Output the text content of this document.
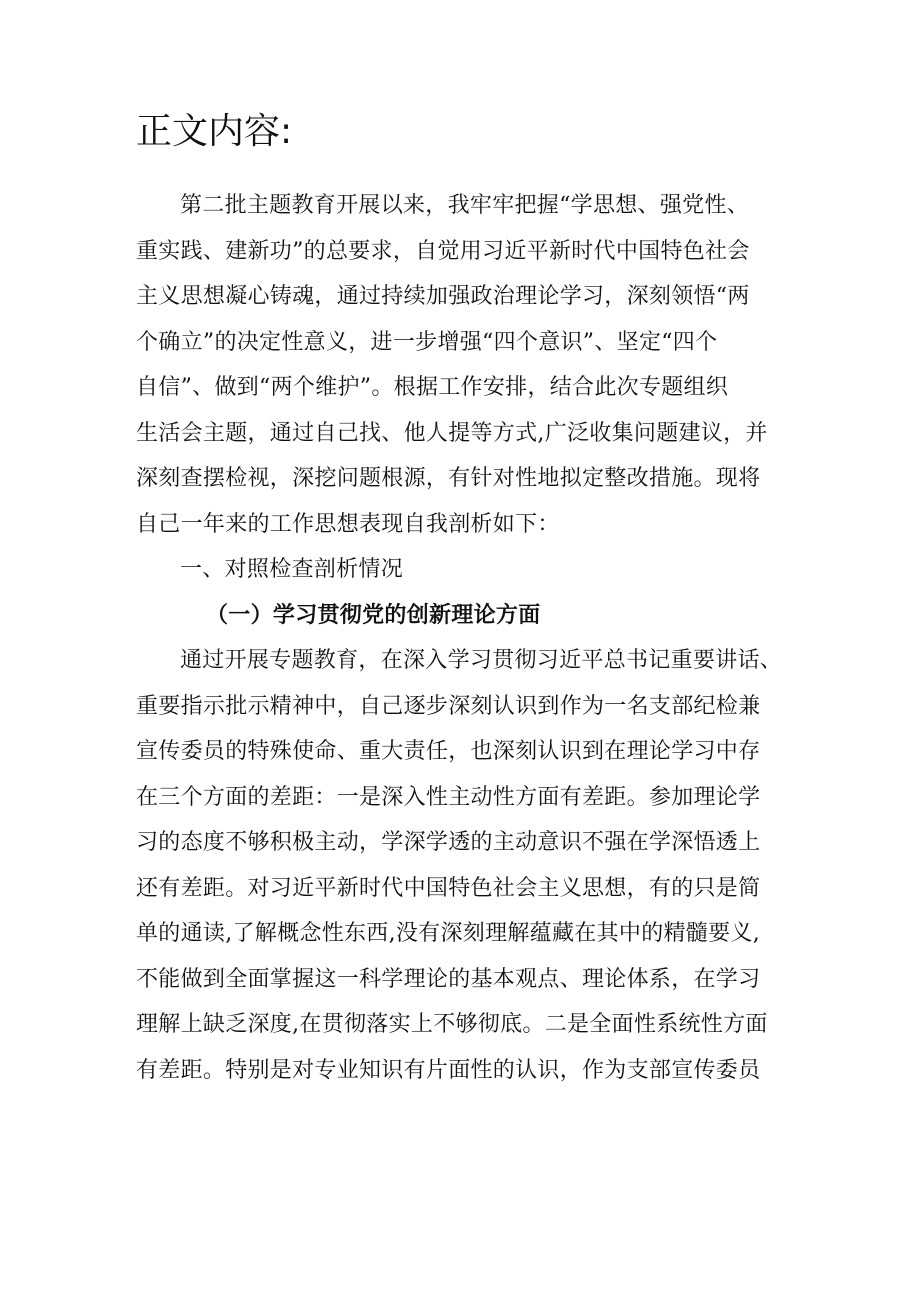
正文内容:
第二批主题教育开展以来，我牢牢把握“学思想、强党性、
重实践、建新功”的总要求，自觉用习近平新时代中国特色社会
主义思想凝心铸魂，通过持续加强政治理论学习，深刻领悟“两
个确立”的决定性意义，进一步增强“四个意识”、坚定“四个
自信”、做到“两个维护”。根据工作安排，结合此次专题组织
生活会主题，通过自己找、他人提等方式,广泛收集问题建议，并
深刻查摆检视，深挖问题根源，有针对性地拟定整改措施。现将
自己一年来的工作思想表现自我剖析如下：
一、对照检查剖析情况
（一）学习贯彻党的创新理论方面
通过开展专题教育，在深入学习贯彻习近平总书记重要讲话、
重要指示批示精神中，自己逐步深刻认识到作为一名支部纪检兼
宣传委员的特殊使命、重大责任，也深刻认识到在理论学习中存
在三个方面的差距：一是深入性主动性方面有差距。参加理论学
习的态度不够积极主动，学深学透的主动意识不强在学深悟透上
还有差距。对习近平新时代中国特色社会主义思想，有的只是简
单的通读,了解概念性东西,没有深刻理解蕴藏在其中的精髓要义,
不能做到全面掌握这一科学理论的基本观点、理论体系，在学习
理解上缺乏深度,在贯彻落实上不够彻底。二是全面性系统性方面
有差距。特别是对专业知识有片面性的认识，作为支部宣传委员
